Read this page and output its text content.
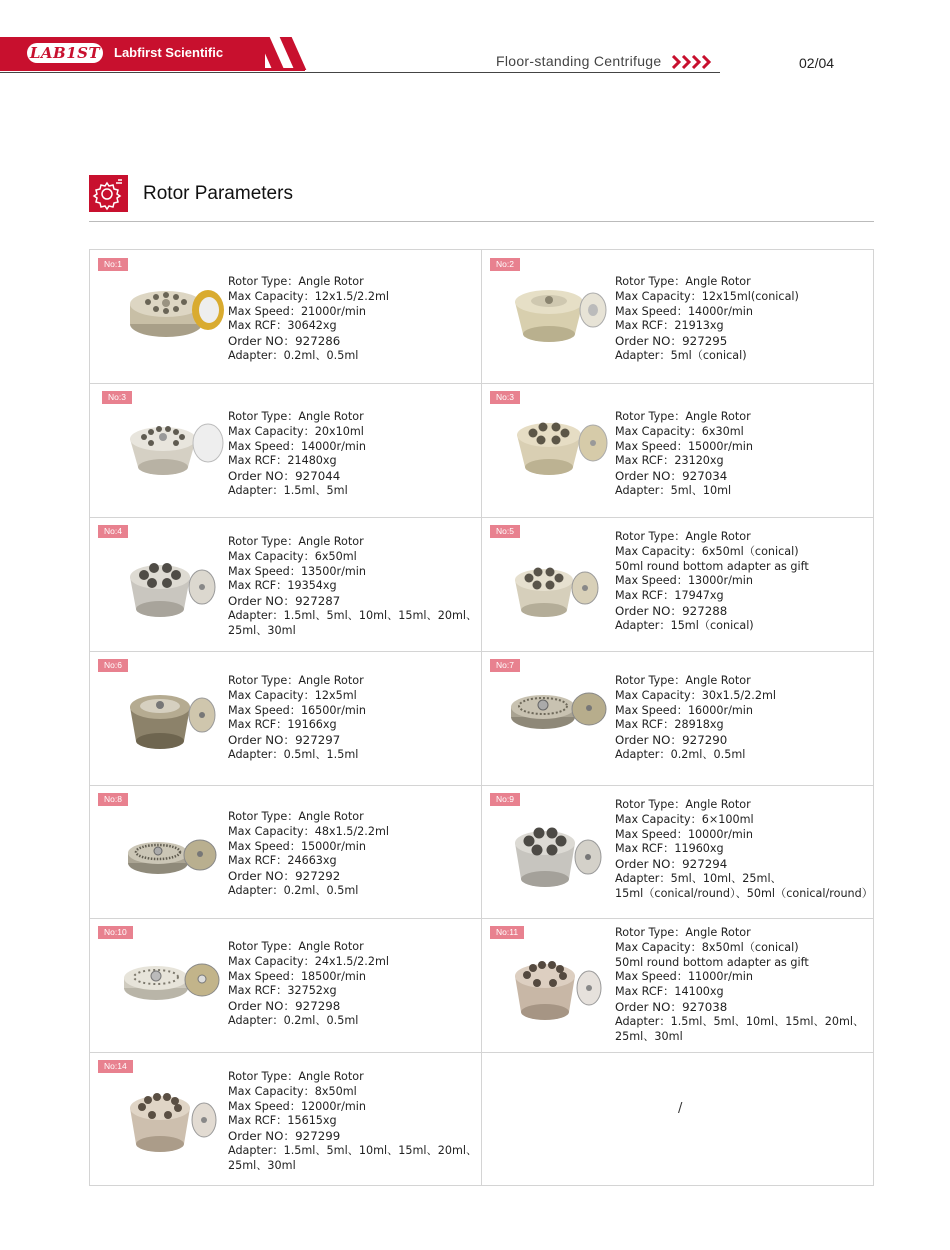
LAB1ST Labfirst Scientific
Floor-standing Centrifuge	02/04
Rotor Parameters
No:1
Rotor Type：Angle Rotor
Max Capacity：12x1.5/2.2ml
Max Speed：21000r/min
Max RCF：30642xg
Order NO：927286
Adapter：0.2ml、0.5ml
No:2
Rotor Type：Angle Rotor
Max Capacity：12x15ml(conical)
Max Speed：14000r/min
Max RCF：21913xg
Order NO：927295
Adapter：5ml（conical)
No:3
Rotor Type：Angle Rotor
Max Capacity：20x10ml
Max Speed：14000r/min
Max RCF：21480xg
Order NO：927044
Adapter：1.5ml、5ml
No:3
Rotor Type：Angle Rotor
Max Capacity：6x30ml
Max Speed：15000r/min
Max RCF：23120xg
Order NO：927034
Adapter：5ml、10ml
No:4
Rotor Type：Angle Rotor
Max Capacity：6x50ml
Max Speed：13500r/min
Max RCF：19354xg
Order NO：927287
Adapter：1.5ml、5ml、10ml、15ml、20ml、
25ml、30ml
No:5	Rotor Type：Angle Rotor
Max Capacity：6x50ml（conical)
50ml round bottom adapter as gift
Max Speed：13000r/min
Max RCF：17947xg
Order NO：927288
Adapter：15ml（conical)
No:6
Rotor Type：Angle Rotor
Max Capacity：12x5ml
Max Speed：16500r/min
Max RCF：19166xg
Order NO：927297
Adapter：0.5ml、1.5ml
No:7
Rotor Type：Angle Rotor
Max Capacity：30x1.5/2.2ml
Max Speed：16000r/min
Max RCF：28918xg
Order NO：927290
Adapter：0.2ml、0.5ml
No:8
Rotor Type：Angle Rotor
Max Capacity：48x1.5/2.2ml
Max Speed：15000r/min
Max RCF：24663xg
Order NO：927292
Adapter：0.2ml、0.5ml
No:9	Rotor Type：Angle Rotor
Max Capacity：6×100ml
Max Speed：10000r/min
Max RCF：11960xg
Order NO：927294
Adapter：5ml、10ml、25ml、
15ml（conical/round）、50ml（conical/round）
No:10
Rotor Type：Angle Rotor
Max Capacity：24x1.5/2.2ml
Max Speed：18500r/min
Max RCF：32752xg
Order NO：927298
Adapter：0.2ml、0.5ml
No:11	Rotor Type：Angle Rotor
Max Capacity：8x50ml（conical)
50ml round bottom adapter as gift
Max Speed：11000r/min
Max RCF：14100xg
Order NO：927038
Adapter：1.5ml、5ml、10ml、15ml、20ml、
25ml、30ml
No:14
Rotor Type：Angle Rotor
Max Capacity：8x50ml
Max Speed：12000r/min
Max RCF：15615xg
Order NO：927299
Adapter：1.5ml、5ml、10ml、15ml、20ml、
25ml、30ml
/
